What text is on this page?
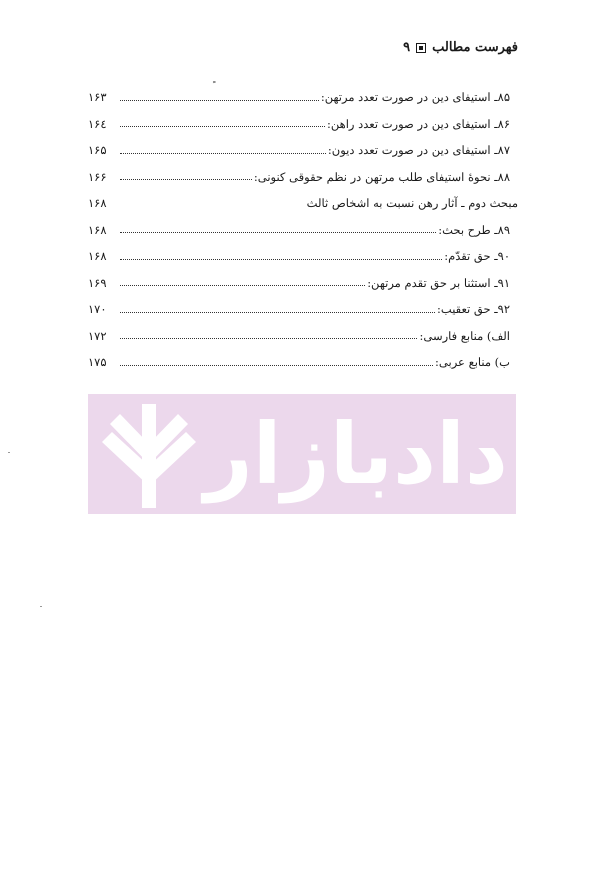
فهرست مطالب
۹
۸۵ـ استیفای دین در صورت تعدد مرتهن:
۱۶۳
۸۶ـ استیفای دین در صورت تعدد راهن:
۱۶٤
۸۷ـ استیفای دین در صورت تعدد دیون:
۱۶۵
۸۸ـ نحوهٔ استیفای طلب مرتهن در نظم حقوقی کنونی:
۱۶۶
مبحث دوم ـ آثار رهن نسبت به اشخاص ثالث
۱۶۸
۸۹ـ طرح بحث:
۱۶۸
۹۰ـ حق تقدّم:
۱۶۸
۹۱ـ استثنا بر حق تقدم مرتهن:
۱۶۹
۹۲ـ حق تعقیب:
۱۷۰
الف) منابع فارسی:
۱۷۲
ب) منابع عربی:
۱۷۵
دادبازار
